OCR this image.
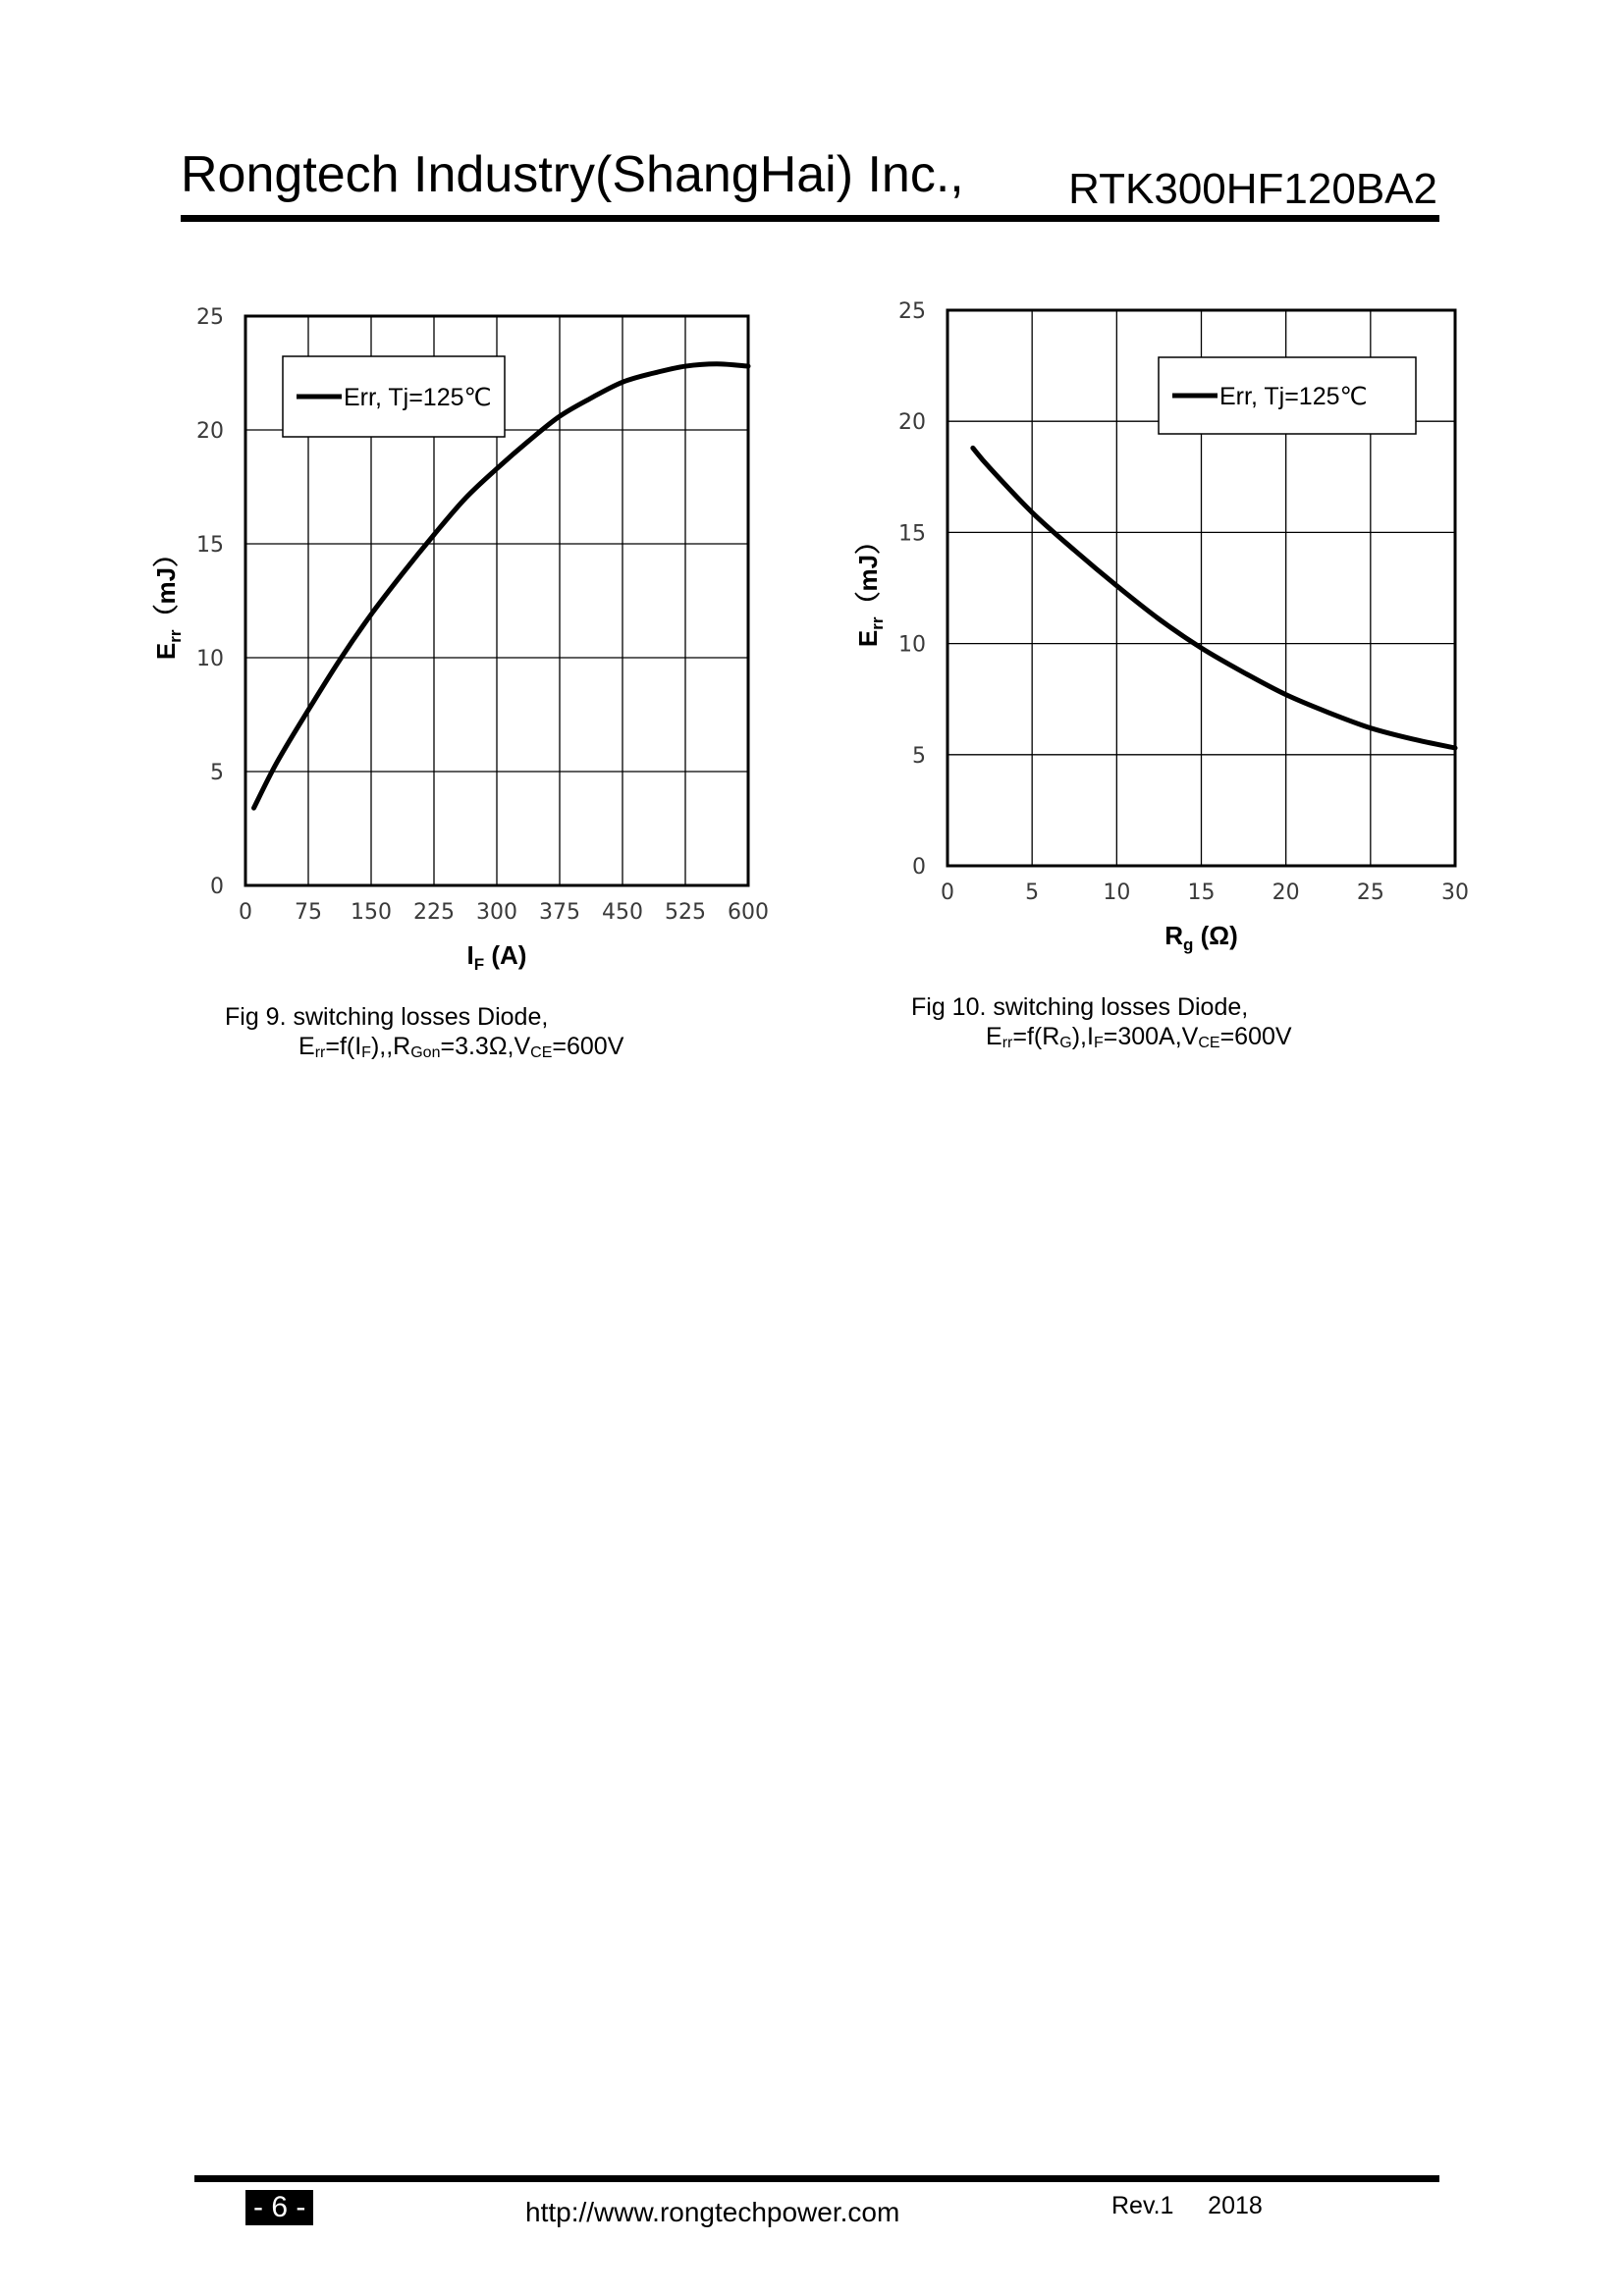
Rongtech Industry(ShangHai) Inc., RTK300HF120BA2
0 75 150 225 300 375 450 525 600
0
5
10
15
20
25
$I_F$ (A)
$E_{rr}(mJ)$
Err, Tj=125℃
0	5	10	15	20	25	30
0
5
10
15
20
25
$R_g$ (Ω)
$E_{rr}(mJ)$
Err, Tj=125℃
Fig 9. switching losses Diode,
$E_{rr}=f(I_F),,R_{Gon}=3.3\Omega,V_{CE}=600V$
Fig 10. switching losses Diode,
$E_{rr}=f(R_G),I_F=300A,V_{CE}=600V$
- 6 -	http://www.rongtechpower.com	Rev.1     2018
